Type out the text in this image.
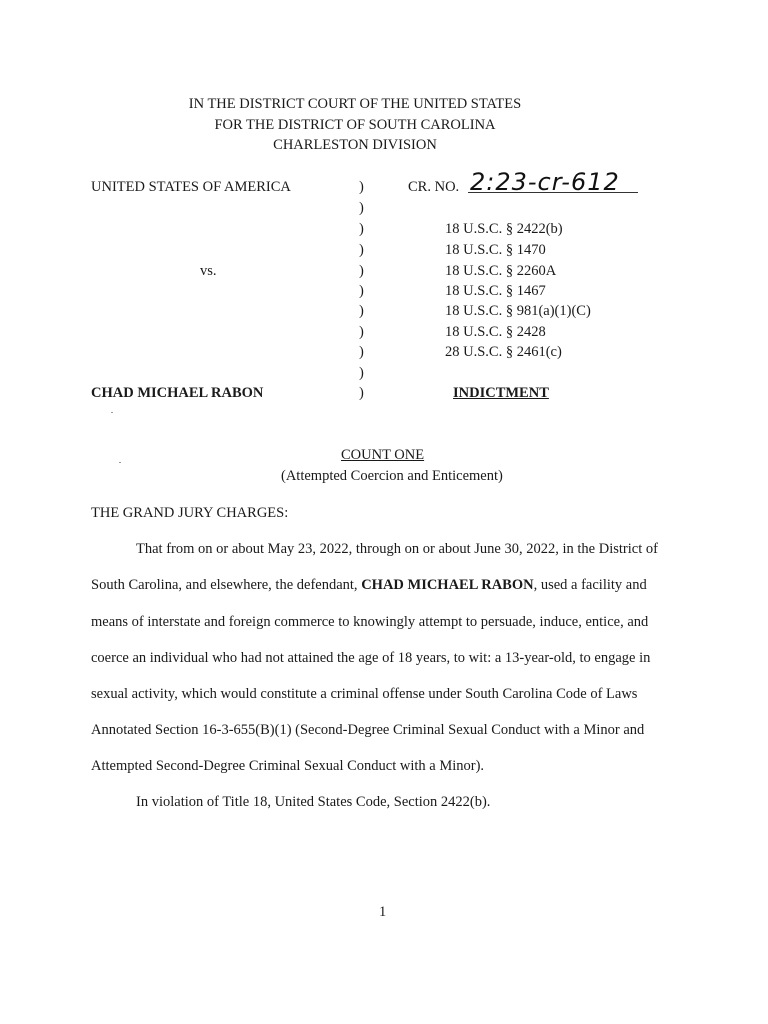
IN THE DISTRICT COURT OF THE UNITED STATES
FOR THE DISTRICT OF SOUTH CAROLINA
CHARLESTON DIVISION
UNITED STATES OF AMERICA
vs.
CHAD MICHAEL RABON
)
)
)
)
)
)
)
)
)
)
)
CR. NO. 2:23-cr-612
18 U.S.C. § 2422(b)
18 U.S.C. § 1470
18 U.S.C. § 2260A
18 U.S.C. § 1467
18 U.S.C. § 981(a)(1)(C)
18 U.S.C. § 2428
28 U.S.C. § 2461(c)
INDICTMENT
COUNT ONE
(Attempted Coercion and Enticement)
THE GRAND JURY CHARGES:
That from on or about May 23, 2022, through on or about June 30, 2022, in the District of
South Carolina, and elsewhere, the defendant, CHAD MICHAEL RABON, used a facility and
means of interstate and foreign commerce to knowingly attempt to persuade, induce, entice, and
coerce an individual who had not attained the age of 18 years, to wit: a 13-year-old, to engage in
sexual activity, which would constitute a criminal offense under South Carolina Code of Laws
Annotated Section 16-3-655(B)(1) (Second-Degree Criminal Sexual Conduct with a Minor and
Attempted Second-Degree Criminal Sexual Conduct with a Minor).
In violation of Title 18, United States Code, Section 2422(b).
1
